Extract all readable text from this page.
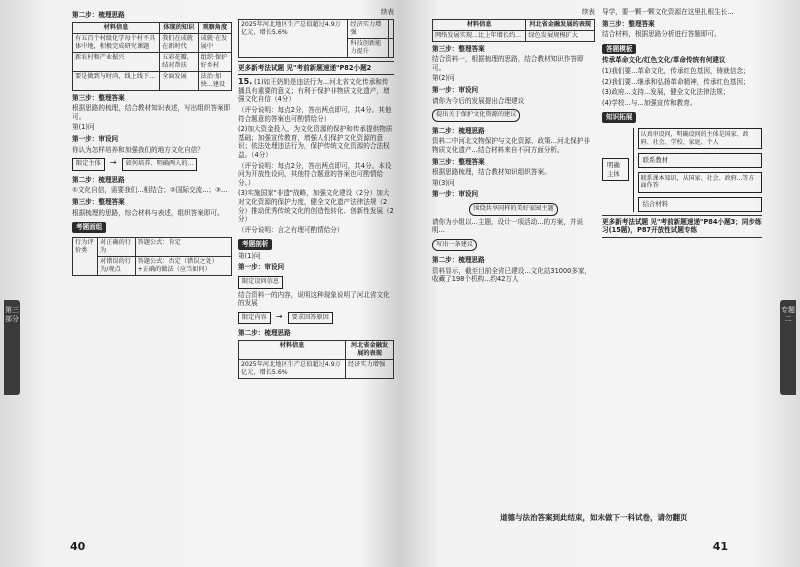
第三部分
第二步：梳理思路
材料信息	体现的知识	观察角度
有五百个村级化学每个村不具体中地，积极完成研究课题	我们在成就在新时代	成就·在发展中
新农村和产业振兴	五彩花瓣，结对帮扶	组织·保护好乡村
要是做到与时尚，线上线下...	全面发展	法治·加快...建设
第三步：整理答案
根据思路的梳理，结合教材知识表述，写出组织答案即可。
第(1)问
第一步：审设问
你认为怎样培养和加强我们的地方文化自信？
限定主体 → 如何培养、明确两人的...
第二步：梳理思路
①文化自信，需要我们...相结合；②国际交流...；③...
第三步：整理答案
根据梳理的思路，综合材料与表述，组织答案即可。
考题面组
行为评价类	对正确的行为	答题公式：肯定
	对错误的行为/观点	答题公式：否定（错误之处）+正确的做法（应当如何）
续表
2025年河北地区生产总值超过4.9万亿元，增长5.6%	经济实力增强	
	科技创新能力提升	
更多新考法试题 见"考前新题速递"P82小题2
15. (1)如王奶奶是违法行为...河北省文化传承和传播具有重要的意义；有利于保护非物质文化遗产，增强文化自信（4分）
（评分说明：每点2分，答出两点即可，共4分。其他符合题意的答案也可酌情给分）
(2)加大资金投入，为文化资源的保护和传承提供物质基础；加强宣传教育，增强人们保护文化资源的意识；依法处理违法行为，保护传统文化资源的合法权益。（4分）
（评分说明：每点2分，答出两点即可，共4分。本设问为开放性设问，其他符合题意的答案也可酌情给分。）
(3)实施国家"非遗"战略，加强文化建设（2分）加大对文化资源的保护力度，健全文化遗产法律法规（2分）推动优秀传统文化的创造性转化、创新性发展（2分）
（评分说明：言之有理可酌情给分）
考题剖析
第(1)问
第一步：审设问
限定设问信息
结合资料一的内容，说明这种现象说明了河北省文化的发展
限定内容 → 要求回答原因
第二步：梳理思路
材料信息	河北省金融发展的表现
2025年河北地区生产总值超过4.9万亿元，增长5.6%	经济实力增强
40
专题二
续表
材料信息	河北省金融发展的表现
网络发展实现...比上年增长约...	绿色发展规模扩大
第三步：整理答案
结合资料一，根据梳理的思路，结合教材知识作答即可。
第(2)问
第一步：审设问
请你为今后的发展提出合理建议
提出关于保护文化资源的建议
第二步：梳理思路
资料二中河北文物保护与文化资源、政策...河北保护非物质文化遗产...结合材料来自不同方面分析。
第三步：整理答案
根据思路梳理，结合教材知识组织答案。
第(3)问
第一步：审设问
围绕共享同样的美好家园主题
请你为小组以...主题，设计一项活动...的方案，并说明...
写出一条建议
第二步：梳理思路
资料显示，截至目前全省已建设...文化站31000多家，收藏了198个机构...约42万人
导学，要一颗一颗文化资源在这里扎根生长...
第三步：整理答案
结合材料，根据思路分析进行答题即可。
答题模板
传承革命文化/红色文化/革命传统有何建议
(1)我们要...革命文化，传承红色基因，铸就信念；
(2)我们要...继承和弘扬革命精神，传承红色基因；
(3)政府...支持...发展，健全文化法律法规；
(4)学校...与...加强宣传和教育。
知识拓展
明确主体
认真审设问，明确设问的主体是国家、政府、社会、学校、家庭、个人
联系教材
联系课本知识，从国家、社会、政府...等方面作答
结合材料
更多新考法试题 见"考前新题速递"P84小题3；同步练习(15题)，P87开放性试题专练
道德与法治答案到此结束，如未做下一科试卷，请勿翻页
41
